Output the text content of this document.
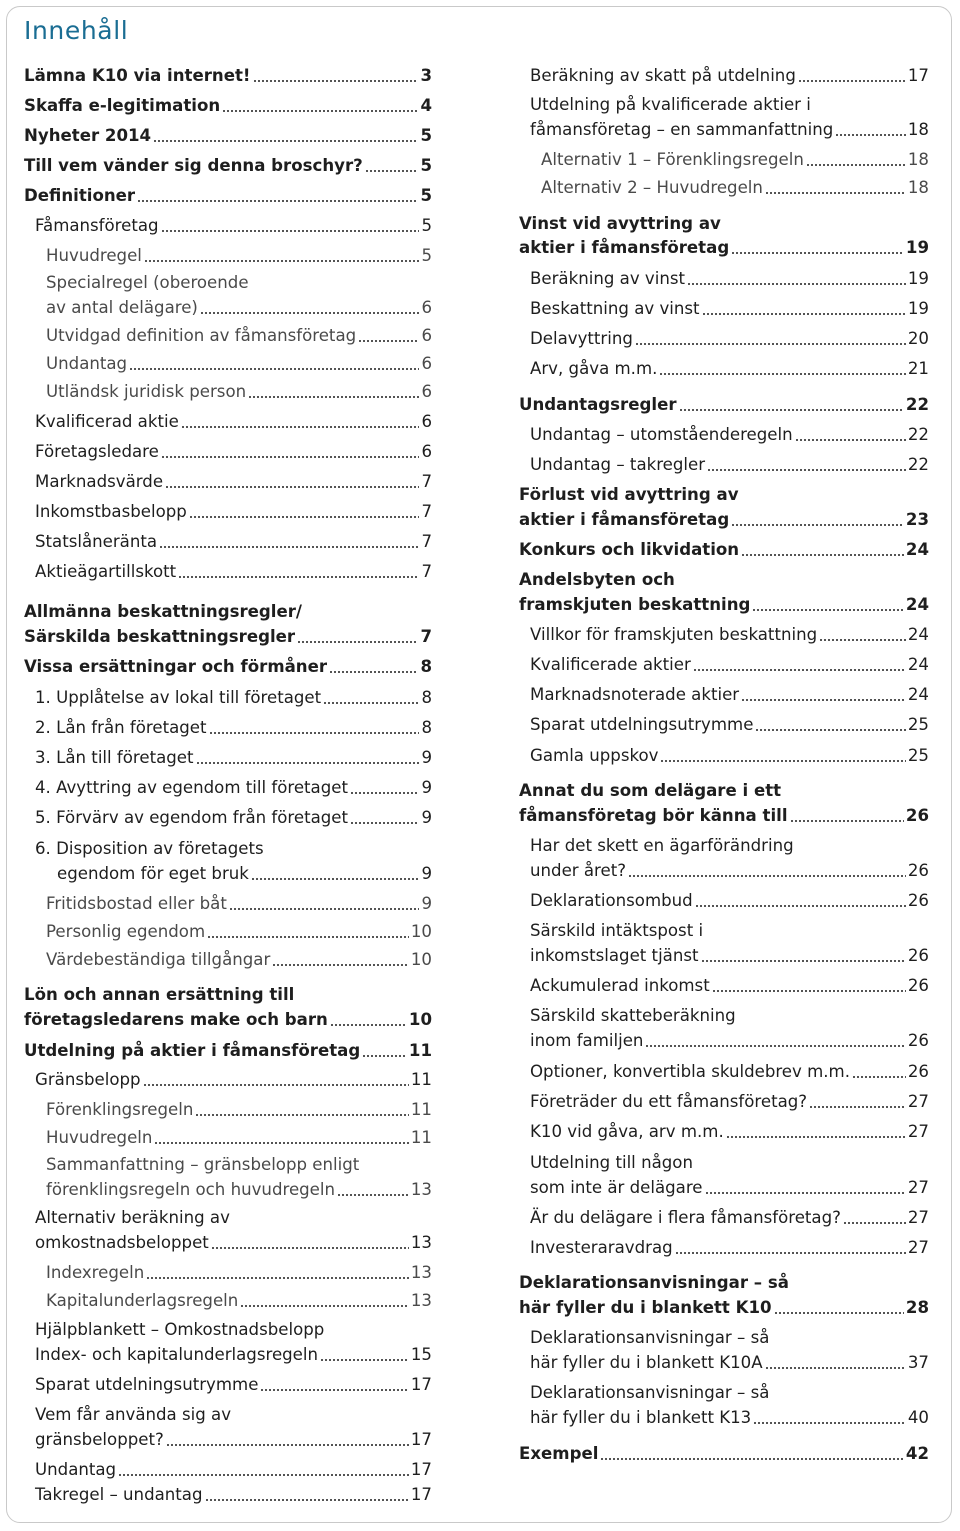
Innehåll
Lämna K10 via internet!	3
Skaffa e-legitimation	4
Nyheter 2014	5
Till vem vänder sig denna broschyr?	5
Definitioner	5
Fåmansföretag	5
Huvudregel	5
Specialregel (oberoende
av antal delägare)	6
Utvidgad definition av fåmansföretag	6
Undantag	6
Utländsk juridisk person	6
Kvalificerad aktie	6
Företagsledare	6
Marknadsvärde	7
Inkomstbasbelopp	7
Statslåneränta	7
Aktieägartillskott	7
Allmänna beskattningsregler/
Särskilda beskattningsregler	7
Vissa ersättningar och förmåner	8
1. Upplåtelse av lokal till företaget	8
2. Lån från företaget	8
3. Lån till företaget	9
4. Avyttring av egendom till företaget	9
5. Förvärv av egendom från företaget	9
6. Disposition av företagets
egendom för eget bruk	9
Fritidsbostad eller båt	9
Personlig egendom	10
Värdebeständiga tillgångar	10
Lön och annan ersättning till
företagsledarens make och barn	10
Utdelning på aktier i fåmansföretag	11
Gränsbelopp	11
Förenklingsregeln	11
Huvudregeln	11
Sammanfattning – gränsbelopp enligt
förenklingsregeln och huvudregeln	13
Alternativ beräkning av
omkostnadsbeloppet	13
Indexregeln	13
Kapitalunderlagsregeln	13
Hjälpblankett – Omkostnadsbelopp
Index- och kapitalunderlagsregeln	15
Sparat utdelningsutrymme	17
Vem får använda sig av
gränsbeloppet?	17
Undantag	17
Takregel – undantag	17
Beräkning av skatt på utdelning	17
Utdelning på kvalificerade aktier i
fåmansföretag – en sammanfattning	18
Alternativ 1 – Förenklingsregeln	18
Alternativ 2 – Huvudregeln	18
Vinst vid avyttring av
aktier i fåmansföretag	19
Beräkning av vinst	19
Beskattning av vinst	19
Delavyttring	20
Arv, gåva m.m.	21
Undantagsregler	22
Undantag – utomståenderegeln	22
Undantag – takregler	22
Förlust vid avyttring av
aktier i fåmansföretag	23
Konkurs och likvidation	24
Andelsbyten och
framskjuten beskattning	24
Villkor för framskjuten beskattning	24
Kvalificerade aktier	24
Marknadsnoterade aktier	24
Sparat utdelningsutrymme	25
Gamla uppskov	25
Annat du som delägare i ett
fåmansföretag bör känna till	26
Har det skett en ägarförändring
under året?	26
Deklarationsombud	26
Särskild intäktspost i
inkomstslaget tjänst	26
Ackumulerad inkomst	26
Särskild skatteberäkning
inom familjen	26
Optioner, konvertibla skuldebrev m.m.	26
Företräder du ett fåmansföretag?	27
K10 vid gåva, arv m.m.	27
Utdelning till någon
som inte är delägare	27
Är du delägare i flera fåmansföretag?	27
Investeraravdrag	27
Deklarationsanvisningar – så
här fyller du i blankett K10	28
Deklarationsanvisningar – så
här fyller du i blankett K10A	37
Deklarationsanvisningar – så
här fyller du i blankett K13	40
Exempel	42
